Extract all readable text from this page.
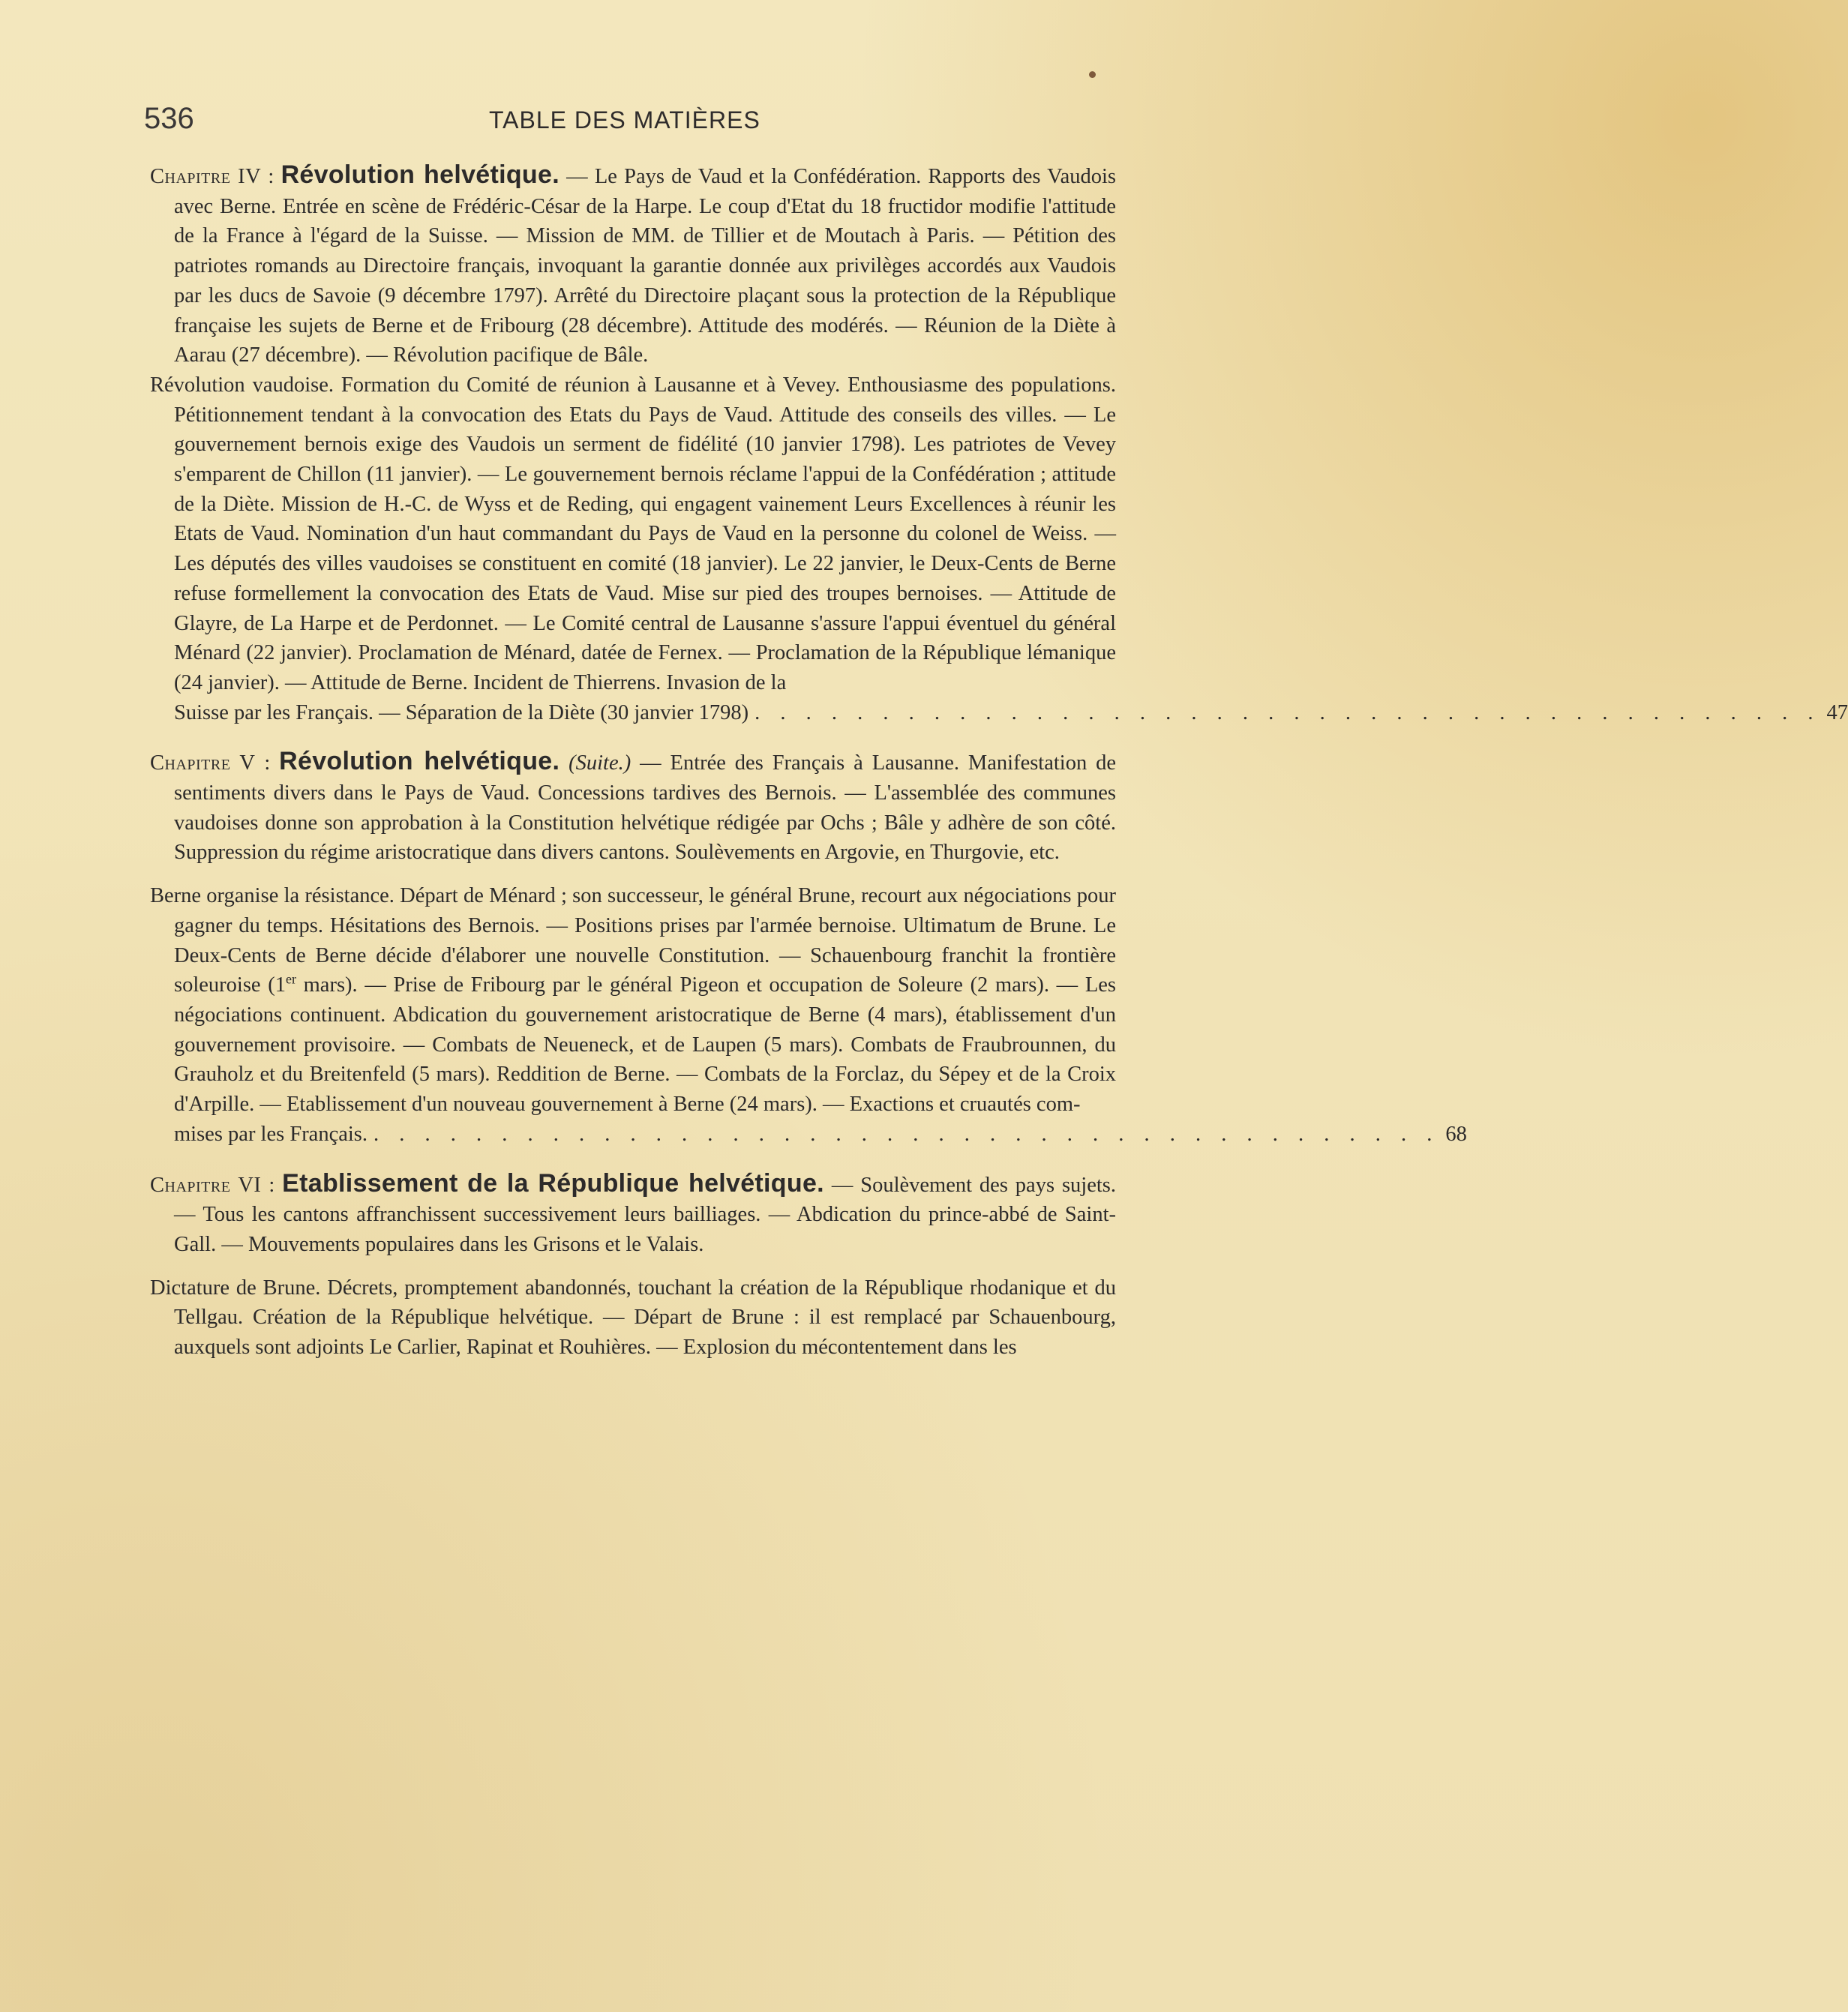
536	TABLE DES MATIÈRES

Chapitre IV : Révolution helvétique. — Le Pays de Vaud et la Confédération. Rapports des Vaudois avec Berne. Entrée en scène de Frédéric-César de la Harpe. Le coup d'Etat du 18 fructidor modifie l'attitude de la France à l'égard de la Suisse. — Mission de MM. de Tillier et de Moutach à Paris. — Pétition des patriotes romands au Directoire français, invoquant la garantie donnée aux privilèges accordés aux Vaudois par les ducs de Savoie (9 décembre 1797). Arrêté du Directoire plaçant sous la protection de la République française les sujets de Berne et de Fribourg (28 décembre). Attitude des modérés. — Réunion de la Diète à Aarau (27 décembre). — Révolution pacifique de Bâle.

Révolution vaudoise. Formation du Comité de réunion à Lausanne et à Vevey. Enthousiasme des populations. Pétitionnement tendant à la convocation des Etats du Pays de Vaud. Attitude des conseils des villes. — Le gouvernement bernois exige des Vaudois un serment de fidélité (10 janvier 1798). Les patriotes de Vevey s'emparent de Chillon (11 janvier). — Le gouvernement bernois réclame l'appui de la Confédération ; attitude de la Diète. Mission de H.-C. de Wyss et de Reding, qui engagent vainement Leurs Excellences à réunir les Etats de Vaud. Nomination d'un haut commandant du Pays de Vaud en la personne du colonel de Weiss. — Les députés des villes vaudoises se constituent en comité (18 janvier). Le 22 janvier, le Deux-Cents de Berne refuse formellement la convocation des Etats de Vaud. Mise sur pied des troupes bernoises. — Attitude de Glayre, de La Harpe et de Perdonnet. — Le Comité central de Lausanne s'assure l'appui éventuel du général Ménard (22 janvier). Proclamation de Ménard, datée de Fernex. — Proclamation de la République lémanique (24 janvier). — Attitude de Berne. Incident de Thierrens. Invasion de la
Suisse par les Français. — Séparation de la Diète (30 janvier 1798) . . . . . . . . . . . . . . . . . . . . . . . . . . . . . . . . . . . . . . . . . . 47

Chapitre V : Révolution helvétique. (Suite.) — Entrée des Français à Lausanne. Manifestation de sentiments divers dans le Pays de Vaud. Concessions tardives des Bernois. — L'assemblée des communes vaudoises donne son approbation à la Constitution helvétique rédigée par Ochs ; Bâle y adhère de son côté. Suppression du régime aristocratique dans divers cantons. Soulèvements en Argovie, en Thurgovie, etc.

Berne organise la résistance. Départ de Ménard ; son successeur, le général Brune, recourt aux négociations pour gagner du temps. Hésitations des Bernois. — Positions prises par l'armée bernoise. Ultimatum de Brune. Le Deux-Cents de Berne décide d'élaborer une nouvelle Constitution. — Schauenbourg franchit la frontière soleuroise (1er mars). — Prise de Fribourg par le général Pigeon et occupation de Soleure (2 mars). — Les négociations continuent. Abdication du gouvernement aristocratique de Berne (4 mars), établissement d'un gouvernement provisoire. — Combats de Neueneck, et de Laupen (5 mars). Combats de Fraubrounnen, du Grauholz et du Breitenfeld (5 mars). Reddition de Berne. — Combats de la Forclaz, du Sépey et de la Croix d'Arpille. — Etablissement d'un nouveau gouvernement à Berne (24 mars). — Exactions et cruautés com-
mises par les Français. . . . . . . . . . . . . . . . . . . . . . . . . . . . . . . . . . . . . . . . . . . 68

Chapitre VI : Etablissement de la République helvétique. — Soulèvement des pays sujets. — Tous les cantons affranchissent successivement leurs bailliages. — Abdication du prince-abbé de Saint-Gall. — Mouvements populaires dans les Grisons et le Valais.

Dictature de Brune. Décrets, promptement abandonnés, touchant la création de la République rhodanique et du Tellgau. Création de la République helvétique. — Départ de Brune : il est remplacé par Schauenbourg, auxquels sont adjoints Le Carlier, Rapinat et Rouhières. — Explosion du mécontentement dans les
